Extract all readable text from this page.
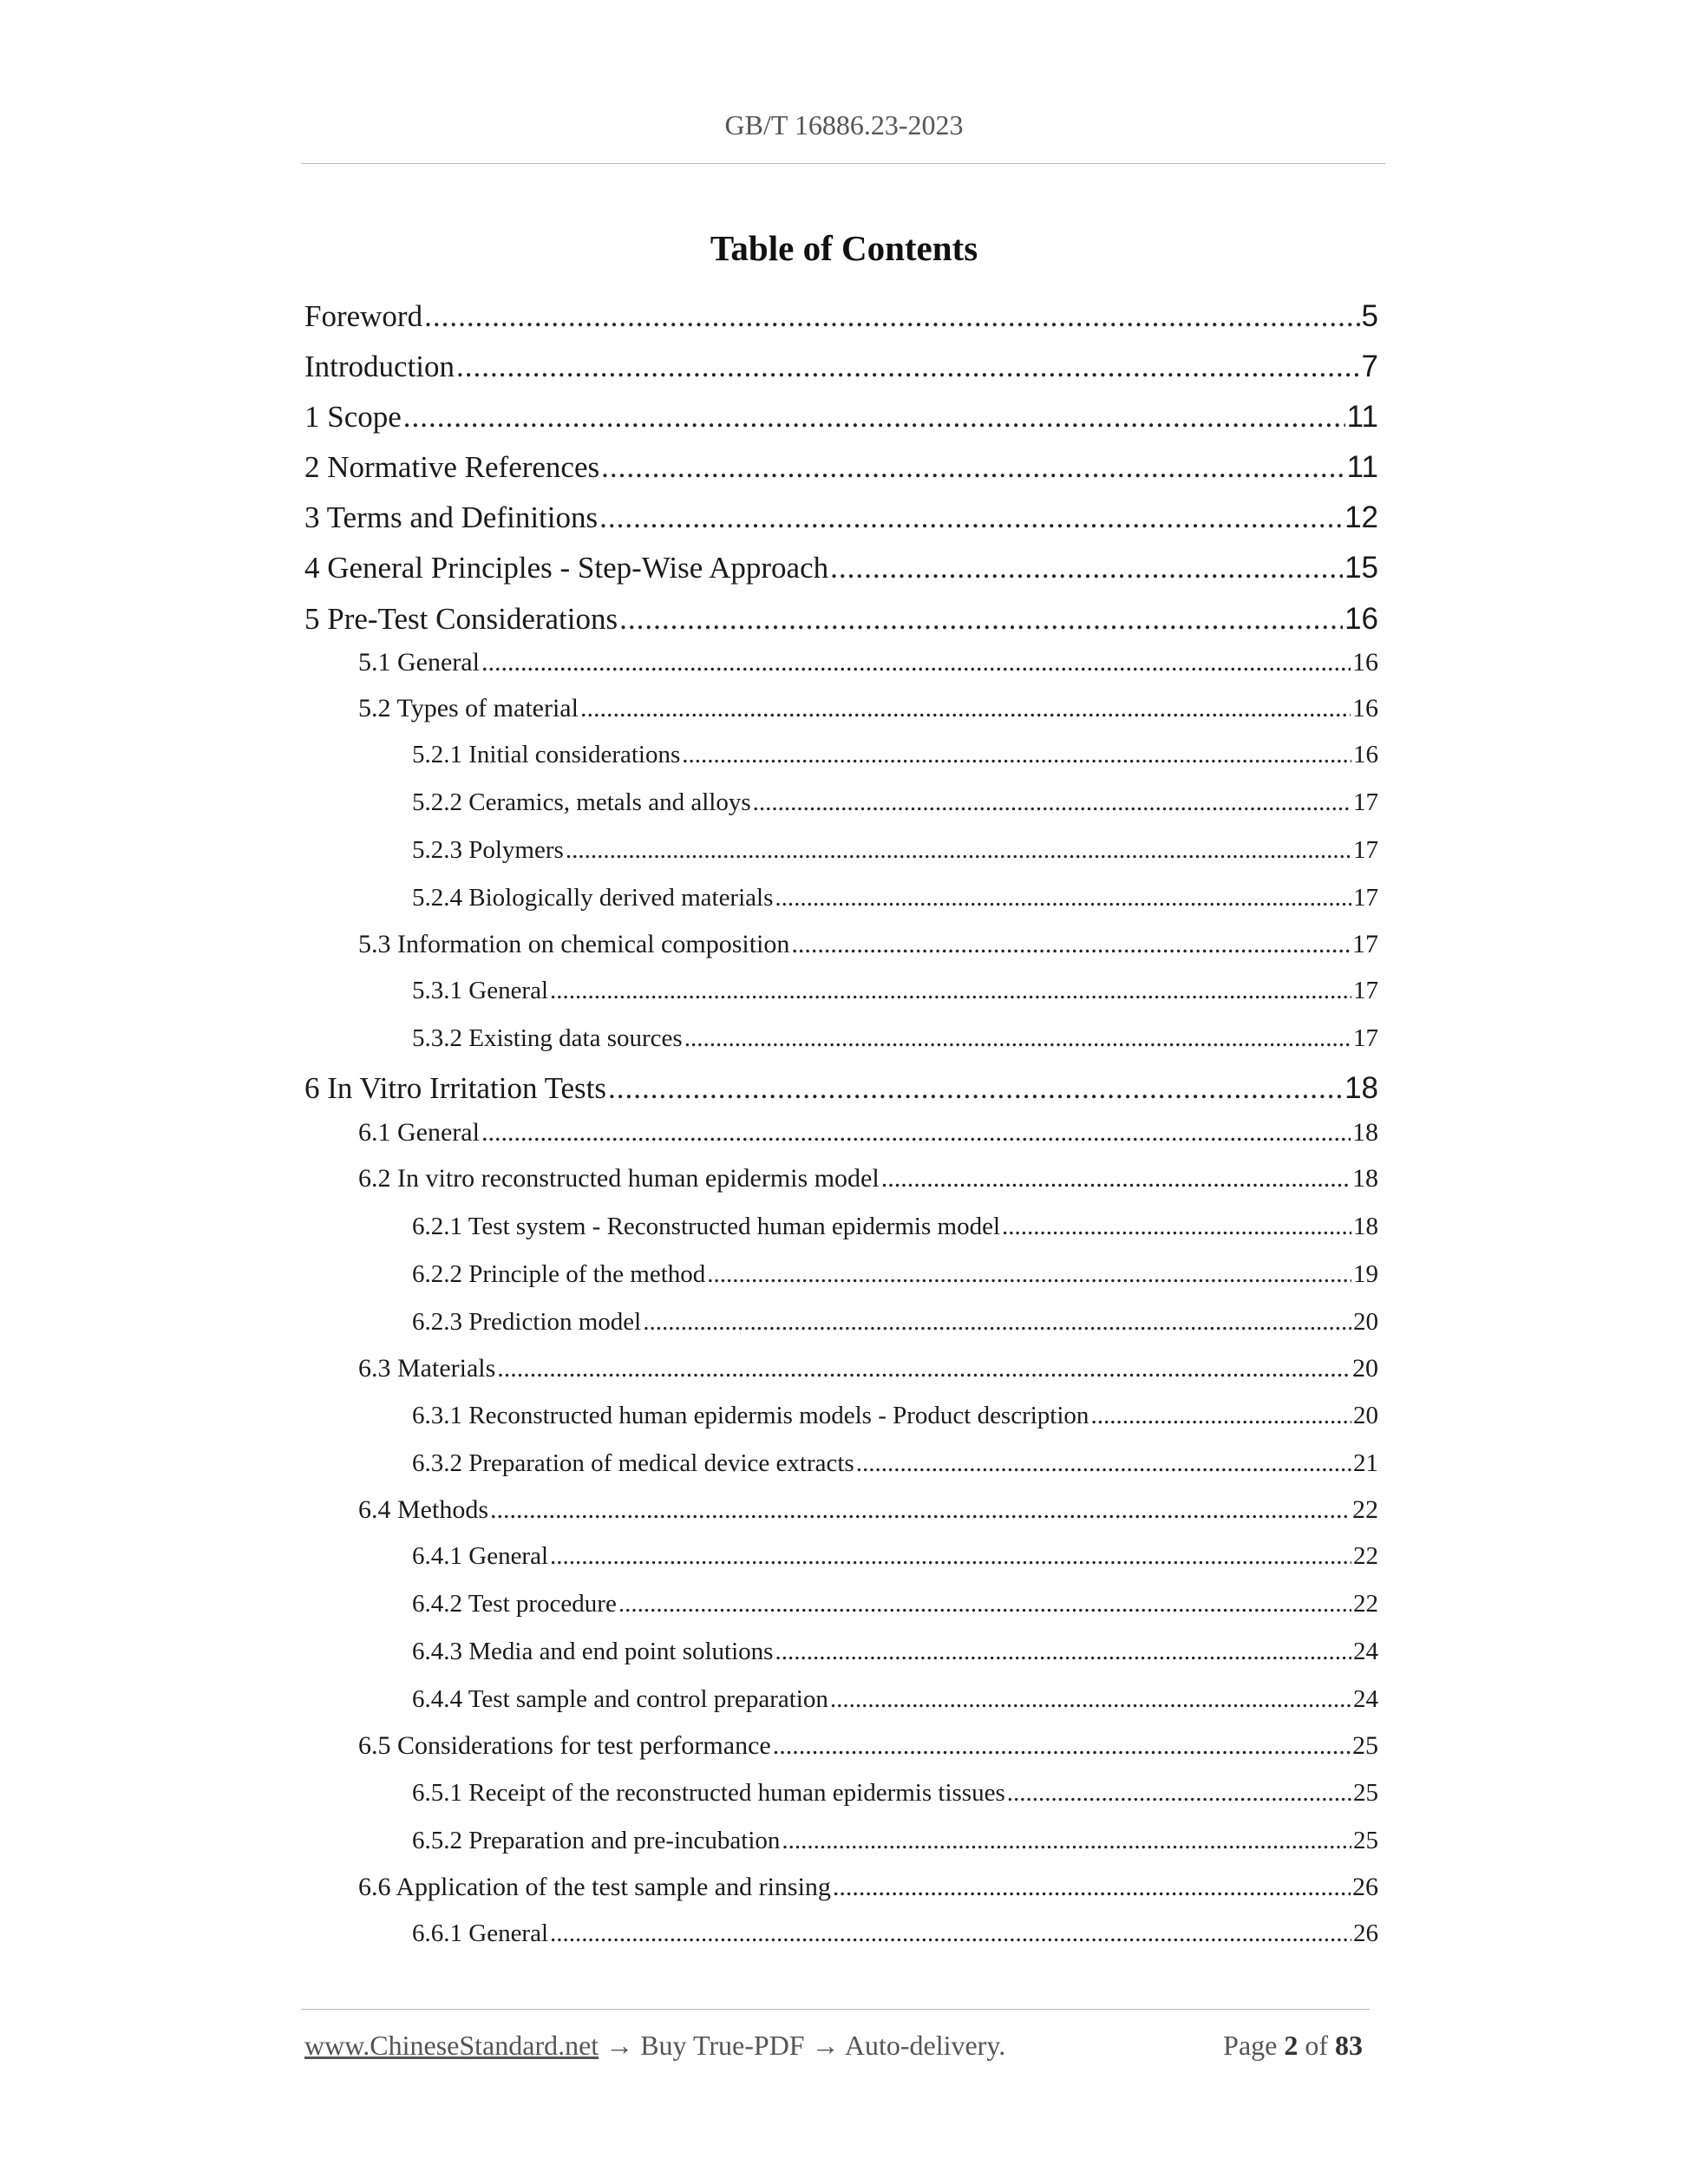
GB/T 16886.23-2023
Table of Contents
Foreword .....	5
Introduction .....	7
1 Scope .....	11
2 Normative References .....	11
3 Terms and Definitions .....	12
4 General Principles - Step-Wise Approach .....	15
5 Pre-Test Considerations .....	16
5.1 General .....	16
5.2 Types of material .....	16
5.2.1 Initial considerations .....	16
5.2.2 Ceramics, metals and alloys .....	17
5.2.3 Polymers .....	17
5.2.4 Biologically derived materials .....	17
5.3 Information on chemical composition .....	17
5.3.1 General .....	17
5.3.2 Existing data sources .....	17
6 In Vitro Irritation Tests .....	18
6.1 General .....	18
6.2 In vitro reconstructed human epidermis model .....	18
6.2.1 Test system - Reconstructed human epidermis model .....	18
6.2.2 Principle of the method .....	19
6.2.3 Prediction model .....	20
6.3 Materials .....	20
6.3.1 Reconstructed human epidermis models - Product description .....	20
6.3.2 Preparation of medical device extracts .....	21
6.4 Methods .....	22
6.4.1 General .....	22
6.4.2 Test procedure .....	22
6.4.3 Media and end point solutions .....	24
6.4.4 Test sample and control preparation .....	24
6.5 Considerations for test performance .....	25
6.5.1 Receipt of the reconstructed human epidermis tissues .....	25
6.5.2 Preparation and pre-incubation .....	25
6.6 Application of the test sample and rinsing .....	26
6.6.1 General .....	26
www.ChineseStandard.net → Buy True-PDF → Auto-delivery.	Page 2 of 83
